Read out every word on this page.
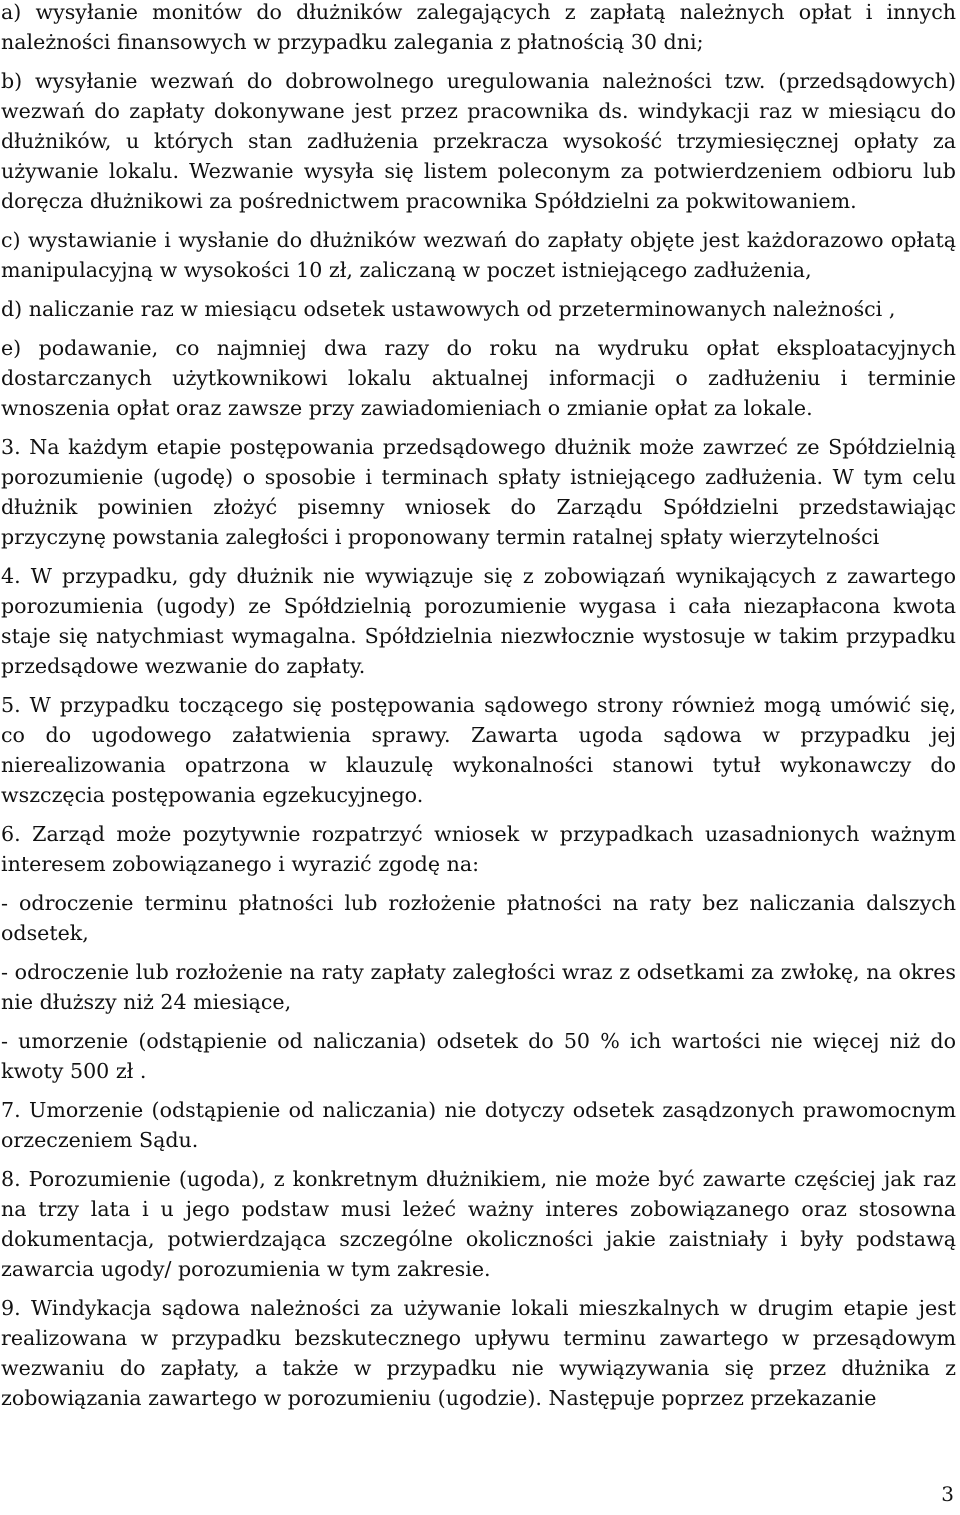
a) wysyłanie monitów do dłużników zalegających z zapłatą należnych opłat i innych należności finansowych w przypadku zalegania z płatnością 30 dni;

b) wysyłanie wezwań do dobrowolnego uregulowania należności tzw. (przedsądowych) wezwań do zapłaty dokonywane jest przez pracownika ds. windykacji raz w miesiącu do dłużników, u których stan zadłużenia przekracza wysokość trzymiesięcznej opłaty za używanie lokalu. Wezwanie wysyła się listem poleconym za potwierdzeniem odbioru lub doręcza dłużnikowi za pośrednictwem pracownika Spółdzielni za pokwitowaniem.

c) wystawianie i wysłanie do dłużników wezwań do zapłaty objęte jest każdorazowo opłatą manipulacyjną w wysokości 10 zł, zaliczaną w poczet istniejącego zadłużenia,

d) naliczanie raz w miesiącu odsetek ustawowych od przeterminowanych należności ,

e) podawanie, co najmniej dwa razy do roku na wydruku opłat eksploatacyjnych dostarczanych użytkownikowi lokalu aktualnej informacji o zadłużeniu i terminie wnoszenia opłat oraz zawsze przy zawiadomieniach o zmianie opłat za lokale.

3. Na każdym etapie postępowania przedsądowego dłużnik może zawrzeć ze Spółdzielnią porozumienie (ugodę) o sposobie i terminach spłaty istniejącego zadłużenia. W tym celu dłużnik powinien złożyć pisemny wniosek do Zarządu Spółdzielni przedstawiając przyczynę powstania zaległości i proponowany termin ratalnej spłaty wierzytelności

4. W przypadku, gdy dłużnik nie wywiązuje się z zobowiązań wynikających z zawartego porozumienia (ugody) ze Spółdzielnią porozumienie wygasa i cała niezapłacona kwota staje się natychmiast wymagalna. Spółdzielnia niezwłocznie wystosuje w takim przypadku przedsądowe wezwanie do zapłaty.

5. W przypadku toczącego się postępowania sądowego strony również mogą umówić się, co do ugodowego załatwienia sprawy. Zawarta ugoda sądowa w przypadku jej nierealizowania opatrzona w klauzulę wykonalności stanowi tytuł wykonawczy do wszczęcia postępowania egzekucyjnego.

6. Zarząd może pozytywnie rozpatrzyć wniosek w przypadkach uzasadnionych ważnym interesem zobowiązanego i wyrazić zgodę na:

- odroczenie terminu płatności lub rozłożenie płatności na raty bez naliczania dalszych odsetek,

- odroczenie lub rozłożenie na raty zapłaty zaległości wraz z odsetkami za zwłokę, na okres nie dłuższy niż 24 miesiące,

- umorzenie (odstąpienie od naliczania) odsetek do 50 % ich wartości nie więcej niż do kwoty 500 zł .

7. Umorzenie (odstąpienie od naliczania) nie dotyczy odsetek zasądzonych prawomocnym orzeczeniem Sądu.

8. Porozumienie (ugoda), z konkretnym dłużnikiem, nie może być zawarte częściej jak raz na trzy lata i u jego podstaw musi leżeć ważny interes zobowiązanego oraz stosowna dokumentacja, potwierdzająca szczególne okoliczności jakie zaistniały i były podstawą zawarcia ugody/ porozumienia w tym zakresie.

9. Windykacja sądowa należności za używanie lokali mieszkalnych w drugim etapie jest realizowana w przypadku bezskutecznego upływu terminu zawartego w przesądowym wezwaniu do zapłaty, a także w przypadku nie wywiązywania się przez dłużnika z zobowiązania zawartego w porozumieniu (ugodzie). Następuje poprzez przekazanie

3
